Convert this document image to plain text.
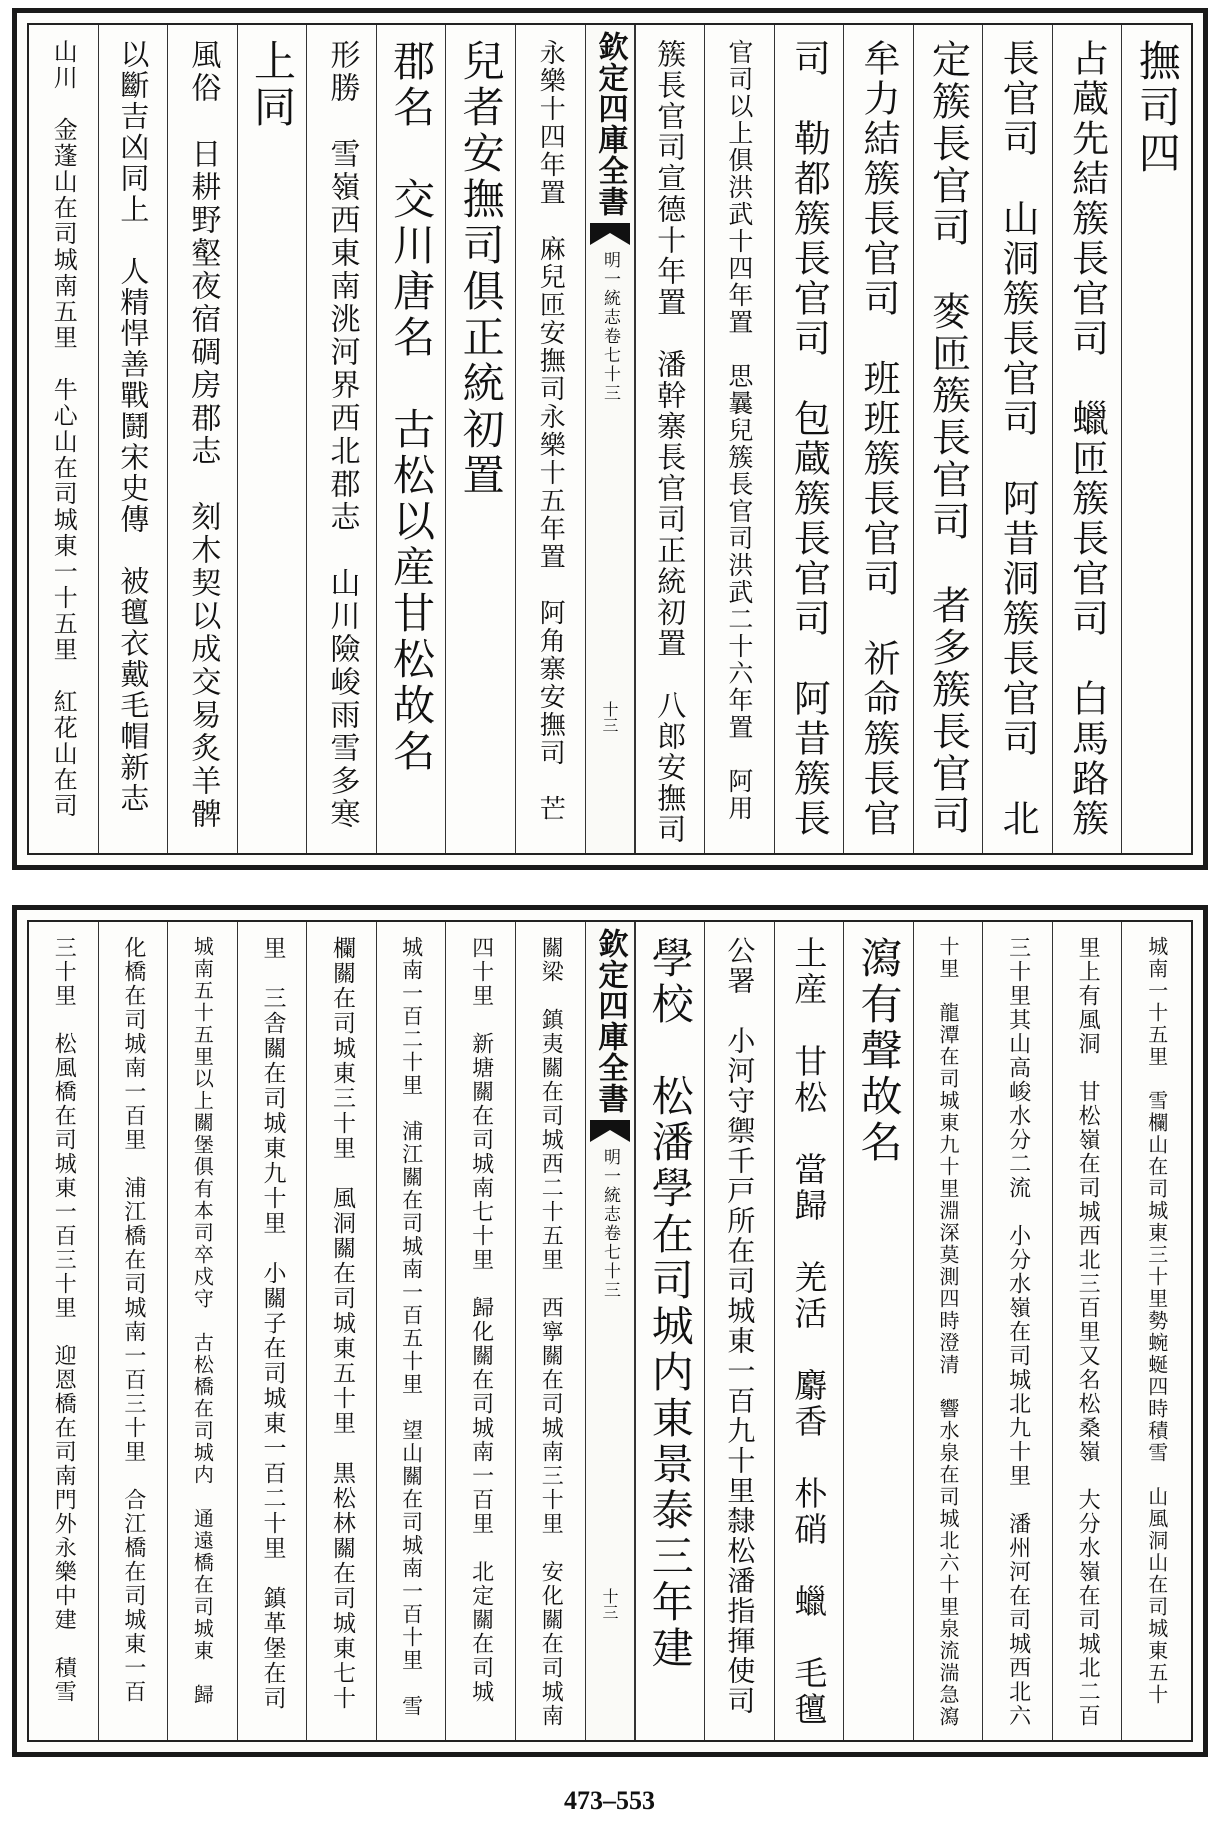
撫司四
占蔵先結簇長官司　蠟匝簇長官司　白馬路簇
長官司　山洞簇長官司　阿昔洞簇長官司　北
定簇長官司　麥匝簇長官司　者多簇長官司
牟力結簇長官司　班班簇長官司　祈命簇長官
司　勒都簇長官司　包蔵簇長官司　阿昔簇長
官司以上俱洪武十四年置　思曩兒簇長官司洪武二十六年置　阿用
簇長官司宣德十年置　潘幹寨長官司正統初置　八郎安撫司
欽定四庫全書
明一統志
卷七十三
十三
永樂十四年置　麻兒匝安撫司永樂十五年置　阿角寨安撫司　芒
兒者安撫司俱正統初置
郡名　交川唐名　古松以産甘松故名
形勝　雪嶺西東南洮河界西北郡志　山川險峻雨雪多寒
上同
風俗　日耕野壑夜宿碉房郡志　刻木契以成交易炙羊髀
以斷吉凶同上　人精悍善戰鬪宋史傳　被氊衣戴毛帽新志
山川　金蓬山在司城南五里　牛心山在司城東一十五里　紅花山在司
城南一十五里　雪欄山在司城東三十里勢蜿蜒四時積雪　山風洞山在司城東五十
里上有風洞　甘松嶺在司城西北三百里又名松桑嶺　大分水嶺在司城北二百
三十里其山高峻水分二流　小分水嶺在司城北九十里　潘州河在司城西北六
十里　龍潭在司城東九十里淵深莫測四時澄清　響水泉在司城北六十里泉流湍急瀉
瀉有聲故名
土産　甘松　當歸　羌活　麝香　朴硝　蠟　毛氊
公署　小河守禦千戸所在司城東一百九十里隸松潘指揮使司
學校　松潘學在司城内東景泰三年建
欽定四庫全書
明一統志
卷七十三
十三
關梁　鎮夷關在司城西二十五里　西寧關在司城南三十里　安化關在司城南
四十里　新塘關在司城南七十里　歸化關在司城南一百里　北定關在司城
城南一百二十里　浦江關在司城南一百五十里　望山關在司城南一百十里　雪
欄關在司城東三十里　風洞關在司城東五十里　黒松林關在司城東七十
里　三舎關在司城東九十里　小關子在司城東一百二十里　鎮革堡在司
城南五十五里以上關堡俱有本司卒戍守　古松橋在司城内　通遠橋在司城東　歸
化橋在司城南一百里　浦江橋在司城南一百三十里　合江橋在司城東一百
三十里　松風橋在司城東一百三十里　迎恩橋在司南門外永樂中建　積雪
473–553
